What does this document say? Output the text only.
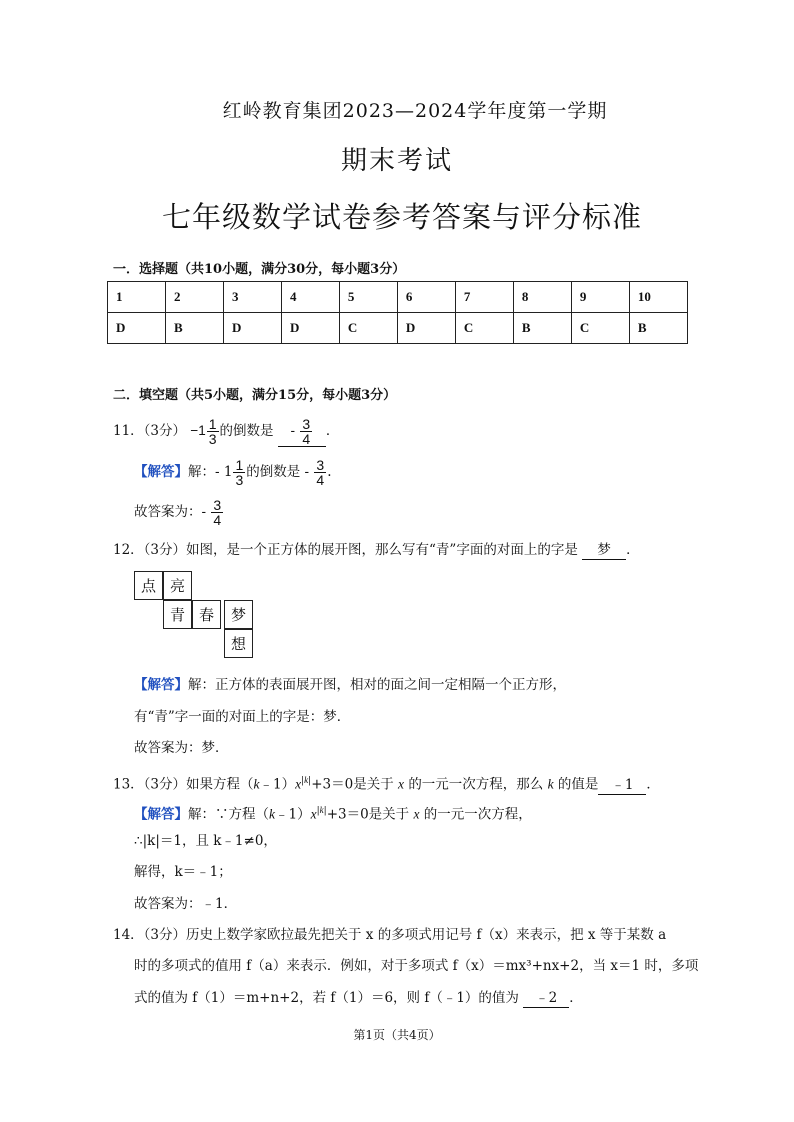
红岭教育集团2023—2024学年度第一学期
期末考试
七年级数学试卷参考答案与评分标准
一．选择题（共10小题，满分30分，每小题3分）
1	2	3	4	5	6	7	8	9	10
D	B	D	D	C	D	C	B	C	B
二．填空题（共5小题，满分15分，每小题3分）
11．（3分） $-1 \frac{1}{3}$ 的倒数是 - $\frac{3}{4}$ ．
【解答】解：- $1 \frac{1}{3}$ 的倒数是 - $\frac{3}{4}$ .
故答案为：- $\frac{3}{4}$
12．（3分）如图，是一个正方体的展开图，那么写有“青”字面的对面上的字是 梦 ．
点 亮
青 春	梦
想
【解答】解：正方体的表面展开图，相对的面之间一定相隔一个正方形，
有“青”字一面的对面上的字是：梦．
故答案为：梦．
13．（3分）如果方程$(k﹣1)x^{|k|}+3=0$是关于 x 的一元一次方程，那么 k 的值是 ﹣1 ．
【解答】解：∵方程$(k﹣1)x^{|k|}+3=0$是关于 x 的一元一次方程，
∴|k|＝1，且 k﹣1≠0，
解得，k＝﹣1；
故答案为：﹣1．
14．（3分）历史上数学家欧拉最先把关于 x 的多项式用记号 f（x）来表示，把 x 等于某数 a
时的多项式的值用 f（a）来表示．例如，对于多项式 f（x）＝mx³+nx+2，当 x＝1 时，多项
式的值为 f（1）＝m+n+2，若 f（1）＝6，则 f（﹣1）的值为 ﹣2 ．
第1页（共4页）
